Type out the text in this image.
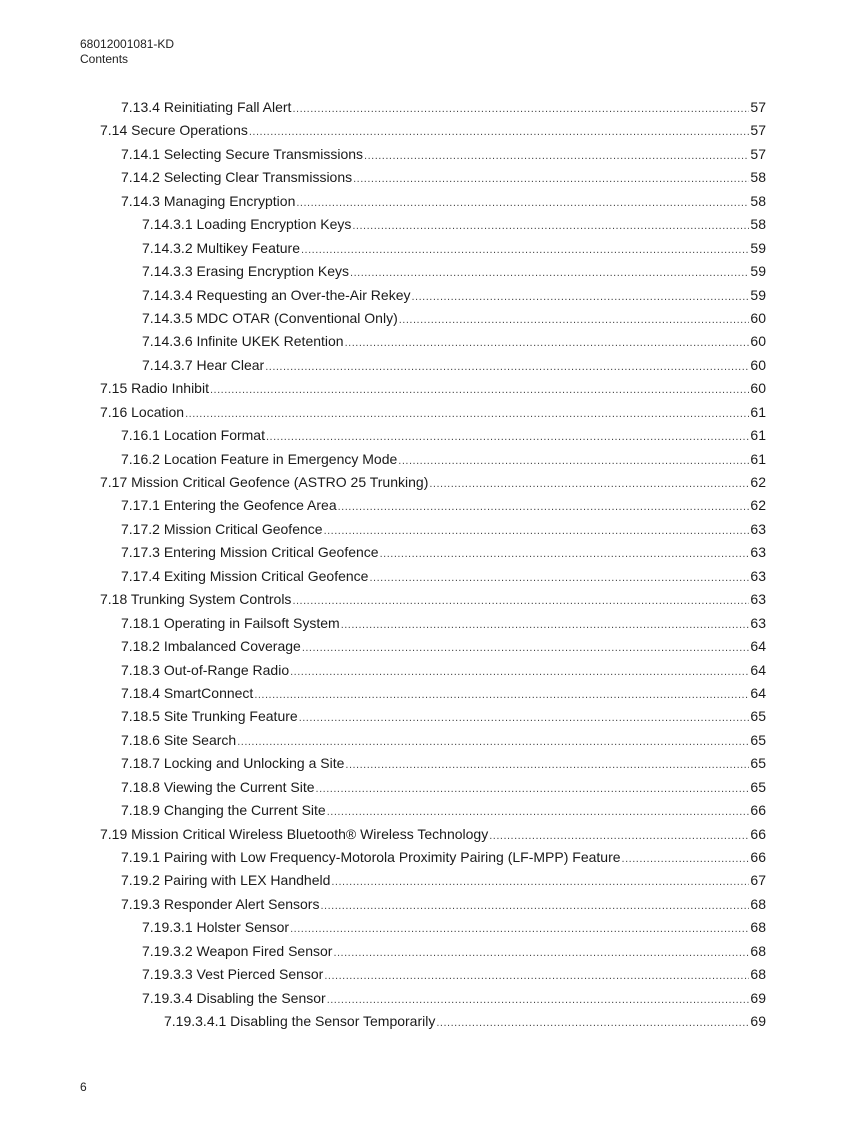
68012001081-KD
Contents
7.13.4 Reinitiating Fall Alert .....	57
7.14 Secure Operations .....	57
7.14.1 Selecting Secure Transmissions .....	57
7.14.2 Selecting Clear Transmissions .....	58
7.14.3 Managing Encryption .....	58
7.14.3.1 Loading Encryption Keys .....	58
7.14.3.2 Multikey Feature .....	59
7.14.3.3 Erasing Encryption Keys .....	59
7.14.3.4 Requesting an Over-the-Air Rekey .....	59
7.14.3.5 MDC OTAR (Conventional Only) .....	60
7.14.3.6 Infinite UKEK Retention .....	60
7.14.3.7 Hear Clear .....	60
7.15 Radio Inhibit .....	60
7.16 Location .....	61
7.16.1 Location Format .....	61
7.16.2 Location Feature in Emergency Mode .....	61
7.17 Mission Critical Geofence (ASTRO 25 Trunking) .....	62
7.17.1 Entering the Geofence Area .....	62
7.17.2 Mission Critical Geofence .....	63
7.17.3 Entering Mission Critical Geofence .....	63
7.17.4 Exiting Mission Critical Geofence .....	63
7.18 Trunking System Controls .....	63
7.18.1 Operating in Failsoft System .....	63
7.18.2 Imbalanced Coverage .....	64
7.18.3 Out-of-Range Radio .....	64
7.18.4 SmartConnect .....	64
7.18.5 Site Trunking Feature .....	65
7.18.6 Site Search .....	65
7.18.7 Locking and Unlocking a Site .....	65
7.18.8 Viewing the Current Site .....	65
7.18.9 Changing the Current Site .....	66
7.19 Mission Critical Wireless Bluetooth® Wireless Technology .....	66
7.19.1 Pairing with Low Frequency-Motorola Proximity Pairing (LF-MPP) Feature .....	66
7.19.2 Pairing with LEX Handheld .....	67
7.19.3 Responder Alert Sensors .....	68
7.19.3.1 Holster Sensor .....	68
7.19.3.2 Weapon Fired Sensor .....	68
7.19.3.3 Vest Pierced Sensor .....	68
7.19.3.4 Disabling the Sensor .....	69
7.19.3.4.1 Disabling the Sensor Temporarily .....	69
6
